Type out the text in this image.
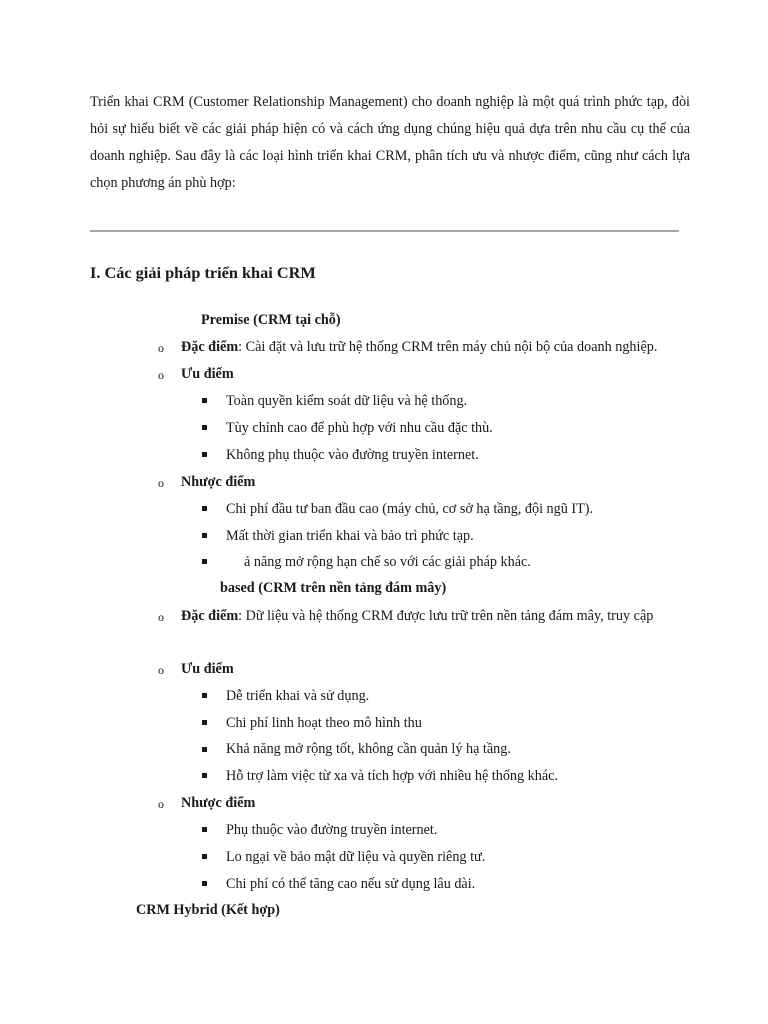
Triển khai CRM (Customer Relationship Management) cho doanh nghiệp là một quá trình phức tạp, đòi hỏi sự hiểu biết về các giải pháp hiện có và cách ứng dụng chúng hiệu quả dựa trên nhu cầu cụ thể của doanh nghiệp. Sau đây là các loại hình triển khai CRM, phân tích ưu và nhược điểm, cũng như cách lựa chọn phương án phù hợp:

I. Các giải pháp triển khai CRM
Premise (CRM tại chỗ)
o Đặc điểm: Cài đặt và lưu trữ hệ thống CRM trên máy chủ nội bộ của doanh nghiệp.
o Ưu điểm
Toàn quyền kiểm soát dữ liệu và hệ thống.
Tùy chỉnh cao để phù hợp với nhu cầu đặc thù.
Không phụ thuộc vào đường truyền internet.
o Nhược điểm
Chi phí đầu tư ban đầu cao (máy chủ, cơ sở hạ tầng, đội ngũ IT).
Mất thời gian triển khai và bảo trì phức tạp.
ả năng mở rộng hạn chế so với các giải pháp khác.
based (CRM trên nền tảng đám mây)
o Đặc điểm: Dữ liệu và hệ thống CRM được lưu trữ trên nền tảng đám mây, truy cập
o Ưu điểm
Dễ triển khai và sử dụng.
Chi phí linh hoạt theo mô hình thu
Khả năng mở rộng tốt, không cần quản lý hạ tầng.
Hỗ trợ làm việc từ xa và tích hợp với nhiều hệ thống khác.
o Nhược điểm
Phụ thuộc vào đường truyền internet.
Lo ngại về bảo mật dữ liệu và quyền riêng tư.
Chi phí có thể tăng cao nếu sử dụng lâu dài.
CRM Hybrid (Kết hợp)
